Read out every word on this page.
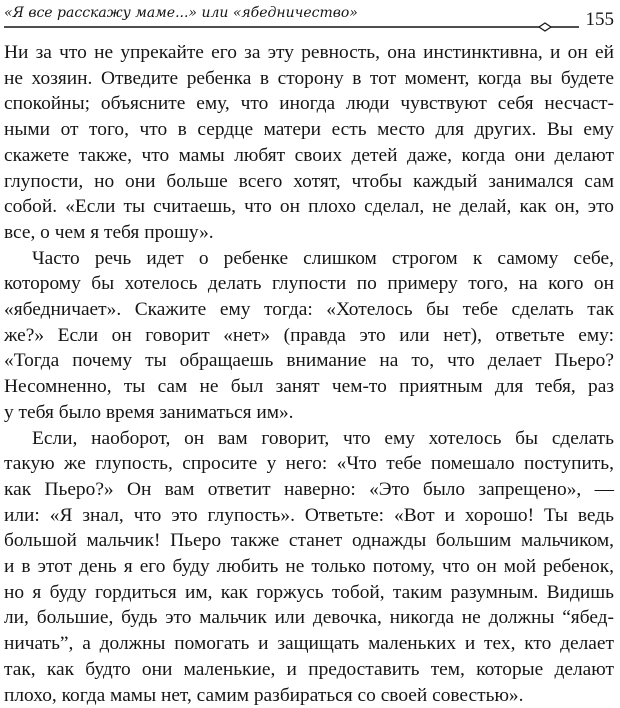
«Я все расскажу маме...» или «ябедничество»	155
Ни за что не упрекайте его за эту ревность, она инстинктивна, и он ей
не хозяин. Отведите ребенка в сторону в тот момент, когда вы будете
спокойны; объясните ему, что иногда люди чувствуют себя несчаст-
ными от того, что в сердце матери есть место для других. Вы ему
скажете также, что мамы любят своих детей даже, когда они делают
глупости, но они больше всего хотят, чтобы каждый занимался сам
собой. «Если ты считаешь, что он плохо сделал, не делай, как он, это
все, о чем я тебя прошу».
Часто речь идет о ребенке слишком строгом к самому себе,
которому бы хотелось делать глупости по примеру того, на кого он
«ябедничает». Скажите ему тогда: «Хотелось бы тебе сделать так
же?» Если он говорит «нет» (правда это или нет), ответьте ему:
«Тогда почему ты обращаешь внимание на то, что делает Пьеро?
Несомненно, ты сам не был занят чем-то приятным для тебя, раз
у тебя было время заниматься им».
Если, наоборот, он вам говорит, что ему хотелось бы сделать
такую же глупость, спросите у него: «Что тебе помешало поступить,
как Пьеро?» Он вам ответит наверно: «Это было запрещено», —
или: «Я знал, что это глупость». Ответьте: «Вот и хорошо! Ты ведь
большой мальчик! Пьеро также станет однажды большим мальчиком,
и в этот день я его буду любить не только потому, что он мой ребенок,
но я буду гордиться им, как горжусь тобой, таким разумным. Видишь
ли, большие, будь это мальчик или девочка, никогда не должны “ябед-
ничать”, а должны помогать и защищать маленьких и тех, кто делает
так, как будто они маленькие, и предоставить тем, которые делают
плохо, когда мамы нет, самим разбираться со своей совестью».
